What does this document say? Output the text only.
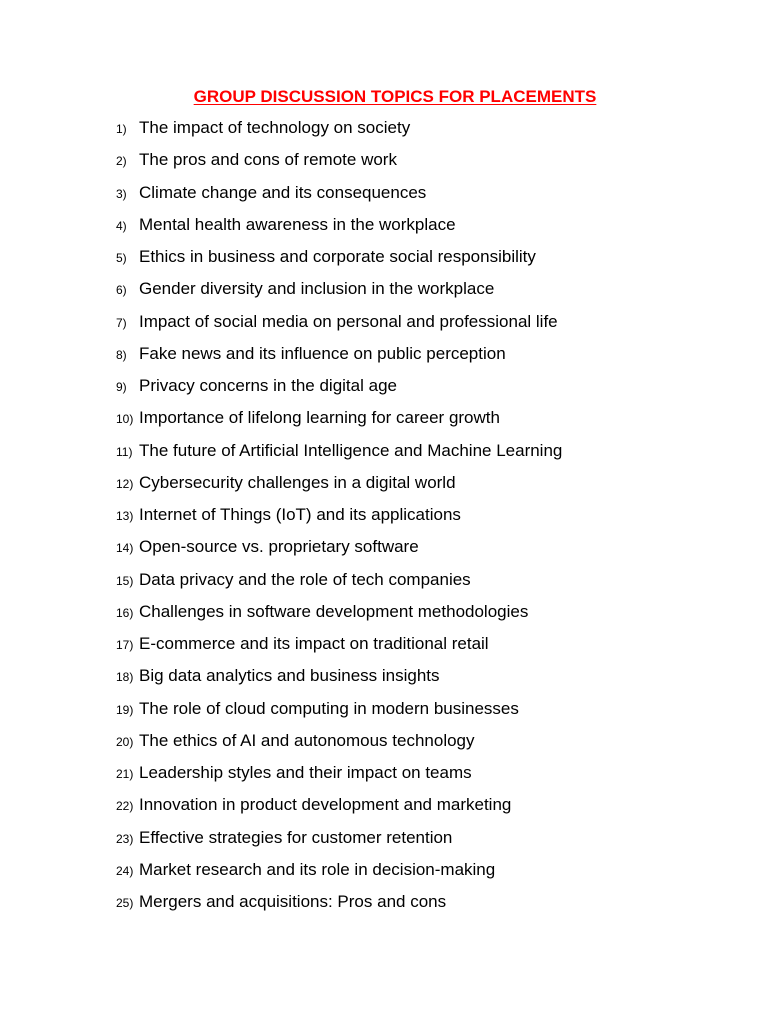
GROUP DISCUSSION TOPICS FOR PLACEMENTS
1) The impact of technology on society
2) The pros and cons of remote work
3) Climate change and its consequences
4) Mental health awareness in the workplace
5) Ethics in business and corporate social responsibility
6) Gender diversity and inclusion in the workplace
7) Impact of social media on personal and professional life
8) Fake news and its influence on public perception
9) Privacy concerns in the digital age
10) Importance of lifelong learning for career growth
11) The future of Artificial Intelligence and Machine Learning
12) Cybersecurity challenges in a digital world
13) Internet of Things (IoT) and its applications
14) Open-source vs. proprietary software
15) Data privacy and the role of tech companies
16) Challenges in software development methodologies
17) E-commerce and its impact on traditional retail
18) Big data analytics and business insights
19) The role of cloud computing in modern businesses
20) The ethics of AI and autonomous technology
21) Leadership styles and their impact on teams
22) Innovation in product development and marketing
23) Effective strategies for customer retention
24) Market research and its role in decision-making
25) Mergers and acquisitions: Pros and cons
